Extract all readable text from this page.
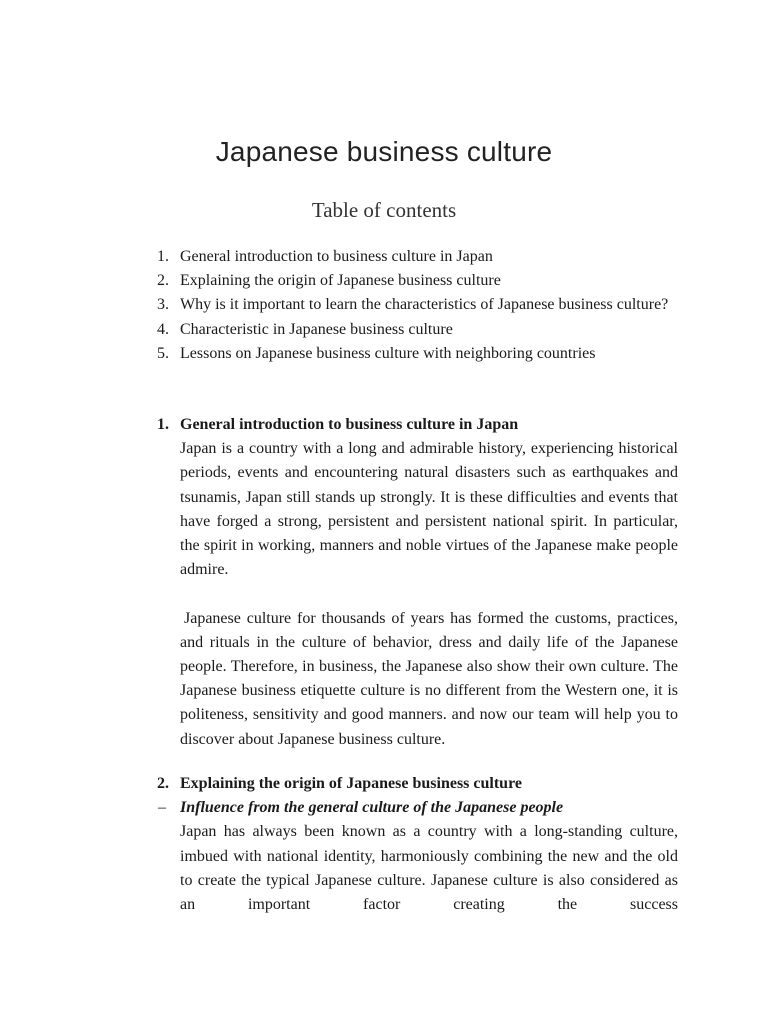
Japanese business culture
Table of contents
1. General introduction to business culture in Japan
2. Explaining the origin of Japanese business culture
3. Why is it important to learn the characteristics of Japanese business culture?
4. Characteristic in Japanese business culture
5. Lessons on Japanese business culture with neighboring countries
1. General introduction to business culture in Japan

Japan is a country with a long and admirable history, experiencing historical periods, events and encountering natural disasters such as earthquakes and tsunamis, Japan still stands up strongly. It is these difficulties and events that have forged a strong, persistent and persistent national spirit. In particular, the spirit in working, manners and noble virtues of the Japanese make people admire.

Japanese culture for thousands of years has formed the customs, practices, and rituals in the culture of behavior, dress and daily life of the Japanese people. Therefore, in business, the Japanese also show their own culture. The Japanese business etiquette culture is no different from the Western one, it is politeness, sensitivity and good manners. and now our team will help you to discover about Japanese business culture.

2. Explaining the origin of Japanese business culture
– Influence from the general culture of the Japanese people

Japan has always been known as a country with a long-standing culture, imbued with national identity, harmoniously combining the new and the old to create the typical Japanese culture. Japanese culture is also considered as an important factor creating the success
